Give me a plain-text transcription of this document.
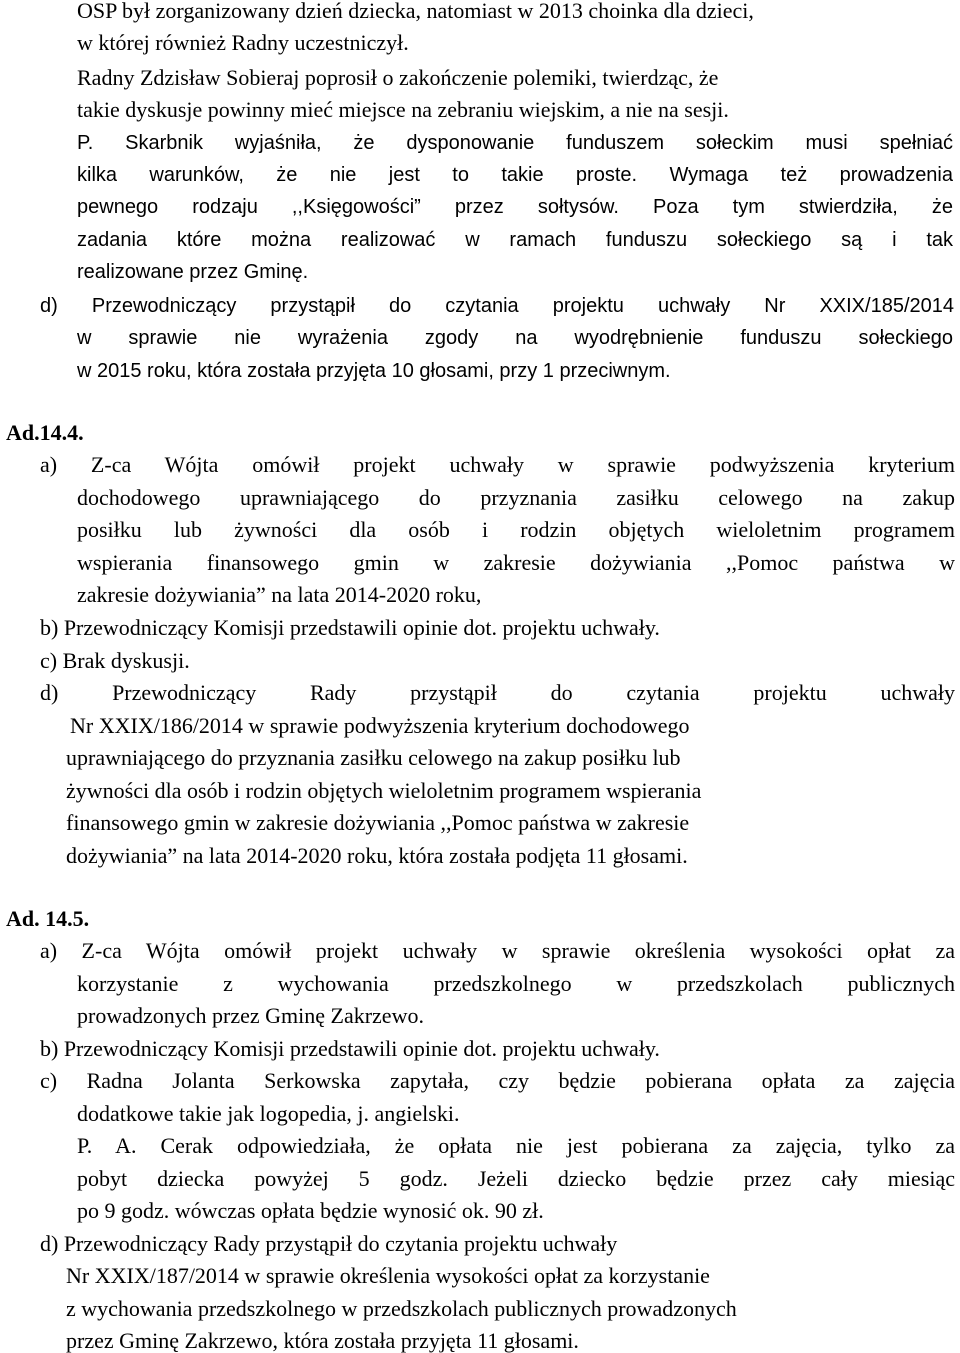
OSP był zorganizowany dzień dziecka, natomiast w 2013 choinka dla dzieci,
w której również Radny uczestniczył.
Radny Zdzisław Sobieraj poprosił o zakończenie polemiki, twierdząc, że
takie dyskusje powinny mieć miejsce na zebraniu wiejskim, a nie na sesji.
P. Skarbnik wyjaśniła, że dysponowanie funduszem sołeckim musi spełniać
kilka warunków, że nie jest to takie proste. Wymaga też prowadzenia
pewnego rodzaju ,,Księgowości” przez sołtysów. Poza tym stwierdziła, że
zadania które można realizować w ramach funduszu sołeckiego są i tak
realizowane przez Gminę.
d) Przewodniczący przystąpił do czytania projektu uchwały Nr XXIX/185/2014
w sprawie nie wyrażenia zgody na wyodrębnienie funduszu sołeckiego
w 2015 roku, która została przyjęta 10 głosami, przy 1 przeciwnym.
Ad.14.4.
a) Z-ca Wójta omówił projekt uchwały w sprawie podwyższenia kryterium
dochodowego uprawniającego do przyznania zasiłku celowego na zakup
posiłku lub żywności dla osób i rodzin objętych wieloletnim programem
wspierania finansowego gmin w zakresie dożywiania ,,Pomoc państwa w
zakresie dożywiania” na lata 2014-2020 roku,
b) Przewodniczący Komisji przedstawili opinie dot. projektu uchwały.
c) Brak dyskusji.
d) Przewodniczący Rady przystąpił do czytania projektu uchwały
Nr XXIX/186/2014 w sprawie podwyższenia kryterium dochodowego
uprawniającego do przyznania zasiłku celowego na zakup posiłku lub
żywności dla osób i rodzin objętych wieloletnim programem wspierania
finansowego gmin w zakresie dożywiania ,,Pomoc państwa w zakresie
dożywiania” na lata 2014-2020 roku, która została podjęta 11 głosami.
Ad. 14.5.
a) Z-ca Wójta omówił projekt uchwały w sprawie określenia wysokości opłat za
korzystanie z wychowania przedszkolnego w przedszkolach publicznych
prowadzonych przez Gminę Zakrzewo.
b) Przewodniczący Komisji przedstawili opinie dot. projektu uchwały.
c) Radna Jolanta Serkowska zapytała, czy będzie pobierana opłata za zajęcia
dodatkowe takie jak logopedia, j. angielski.
P. A. Cerak odpowiedziała, że opłata nie jest pobierana za zajęcia, tylko za
pobyt dziecka powyżej 5 godz. Jeżeli dziecko będzie przez cały miesiąc
po 9 godz. wówczas opłata będzie wynosić ok. 90 zł.
d) Przewodniczący Rady przystąpił do czytania projektu uchwały
Nr XXIX/187/2014 w sprawie określenia wysokości opłat za korzystanie
z wychowania przedszkolnego w przedszkolach publicznych prowadzonych
przez Gminę Zakrzewo, która została przyjęta 11 głosami.
